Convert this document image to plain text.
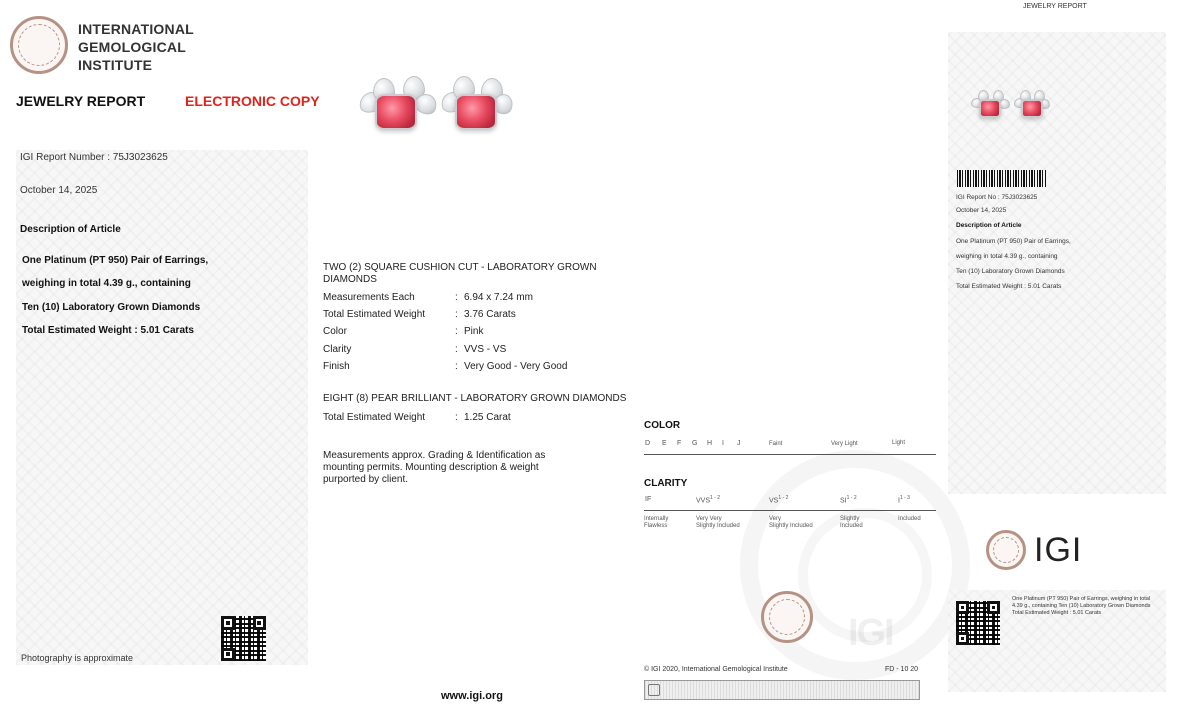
INTERNATIONAL
GEMOLOGICAL
INSTITUTE
JEWELRY REPORT	ELECTRONIC COPY
IGI Report Number : 75J3023625
October 14, 2025
Description of Article
One Platinum (PT 950) Pair of Earrings,
weighing in total 4.39 g., containing
Ten (10) Laboratory Grown Diamonds
Total Estimated Weight : 5.01 Carats
Photography is approximate
TWO (2) SQUARE CUSHION CUT - LABORATORY GROWN DIAMONDS
Measurements Each	: 6.94 x 7.24 mm
Total Estimated Weight	: 3.76 Carats
Color	: Pink
Clarity	: VVS - VS
Finish	: Very Good - Very Good
EIGHT (8) PEAR BRILLIANT - LABORATORY GROWN DIAMONDS
Total Estimated Weight	: 1.25 Carat
Measurements approx. Grading & Identification as mounting permits. Mounting description & weight purported by client.
www.igi.org
COLOR
D E F G H I J	Faint	Very Light	Light
CLARITY
IF	VVS$^{1 - 2}$	VS$^{1 - 2}$	SI$^{1 - 2}$	$I^{1 - 3}$
Internally
Flawless
Very Very
Slightly Included
Very
Slightly Included
Slightly
Included
Included
IGI
© IGI 2020, International Gemological Institute	FD - 10 20
JEWELRY REPORT
IGI Report No : 75J3023625
October 14, 2025
Description of Article
One Platinum (PT 950) Pair of Earrings,
weighing in total 4.39 g., containing
Ten (10) Laboratory Grown Diamonds
Total Estimated Weight : 5.01 Carats
IGI
One Platinum (PT 950) Pair of Earrings, weighing in total 4.39 g., containing Ten (10) Laboratory Grown Diamonds Total Estimated Weight : 5.01 Carats
